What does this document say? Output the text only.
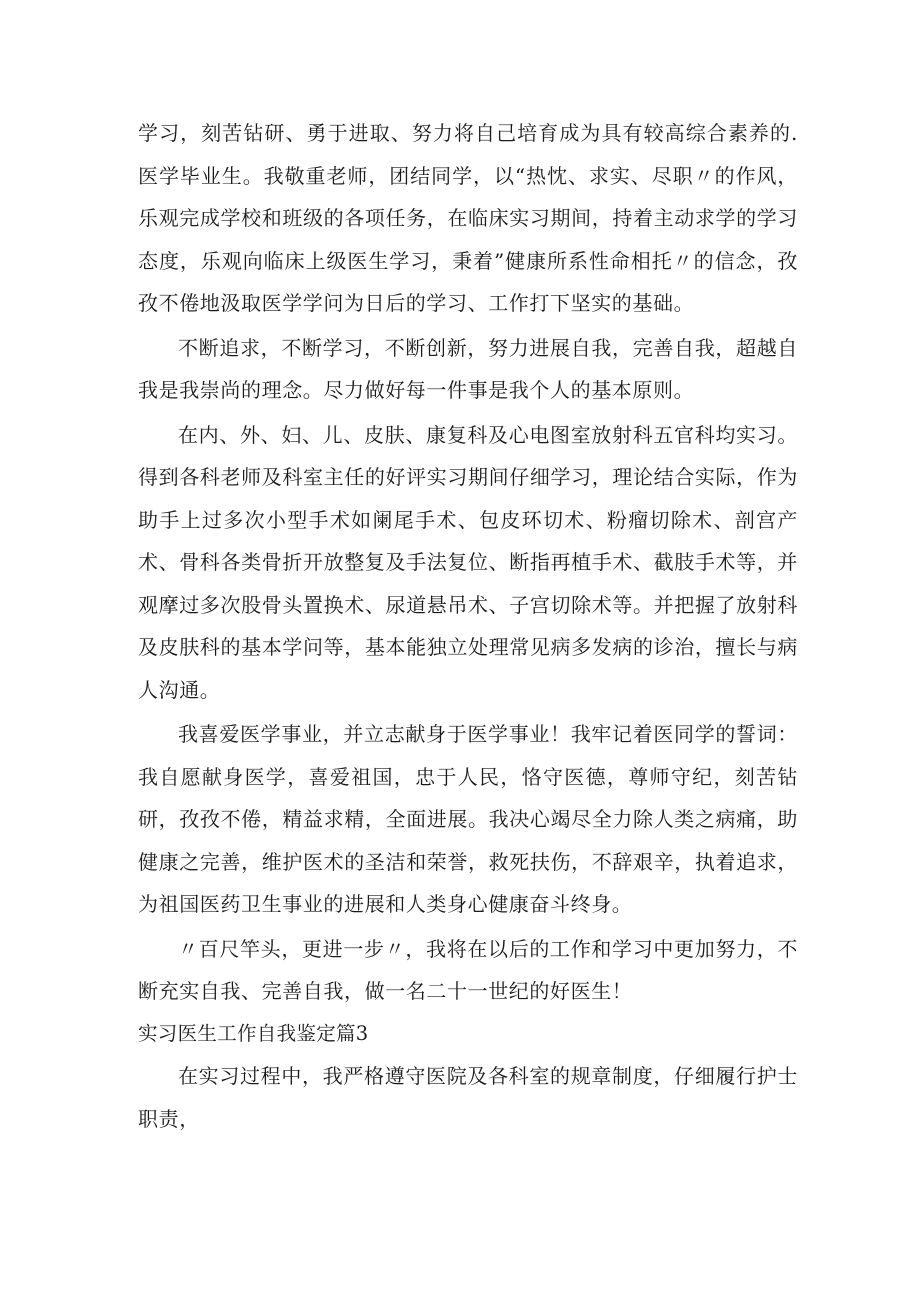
学习，刻苦钻研、勇于进取、努力将自己培育成为具有较高综合素养的.医学毕业生。我敬重老师，团结同学，以“热忱、求实、尽职〃的作风，乐观完成学校和班级的各项任务，在临床实习期间，持着主动求学的学习态度，乐观向临床上级医生学习，秉着”健康所系性命相托〃的信念，孜孜不倦地汲取医学学问为日后的学习、工作打下坚实的基础。

不断追求，不断学习，不断创新，努力进展自我，完善自我，超越自我是我崇尚的理念。尽力做好每一件事是我个人的基本原则。

在内、外、妇、儿、皮肤、康复科及心电图室放射科五官科均实习。得到各科老师及科室主任的好评实习期间仔细学习，理论结合实际，作为助手上过多次小型手术如阑尾手术、包皮环切术、粉瘤切除术、剖宫产术、骨科各类骨折开放整复及手法复位、断指再植手术、截肢手术等，并观摩过多次股骨头置换术、尿道悬吊术、子宫切除术等。并把握了放射科及皮肤科的基本学问等，基本能独立处理常见病多发病的诊治，擅长与病人沟通。

我喜爱医学事业，并立志献身于医学事业！我牢记着医同学的誓词：我自愿献身医学，喜爱祖国，忠于人民，恪守医德，尊师守纪，刻苦钻研，孜孜不倦，精益求精，全面进展。我决心竭尽全力除人类之病痛，助健康之完善，维护医术的圣洁和荣誉，救死扶伤，不辞艰辛，执着追求，为祖国医药卫生事业的进展和人类身心健康奋斗终身。

〃百尺竿头，更进一步〃，我将在以后的工作和学习中更加努力，不断充实自我、完善自我，做一名二十一世纪的好医生！

实习医生工作自我鉴定篇3

在实习过程中，我严格遵守医院及各科室的规章制度，仔细履行护士职责，
